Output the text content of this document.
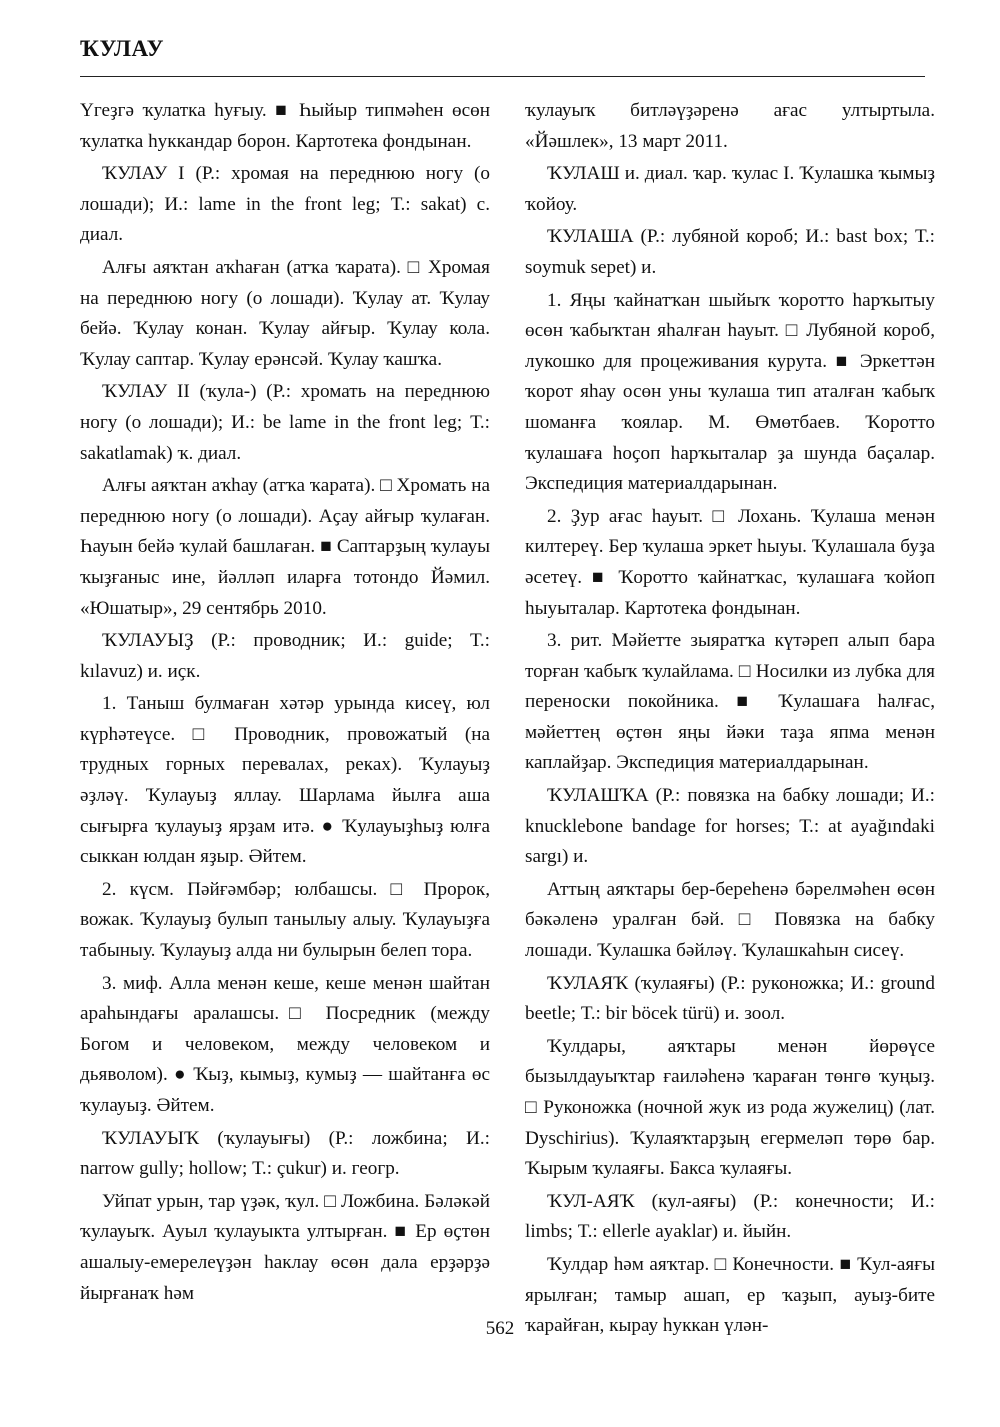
ҠУЛАУ

Үгеҙгә ҡулатка һуғыу. ■ Һыйыр типмәһен өсөн ҡулатка һуккандар борон. Картотека фондынан.

ҠУЛАУ I (Р.: хромая на переднюю ногу (о лошади); И.: lame in the front leg; Т.: sakat) с. диал.

Алғы аяҡтан аҡһаған (атҡа ҡарата). □ Хромая на переднюю ногу (о лошади). Ҡулау ат. Ҡулау бейә. Ҡулау конан. Ҡулау айғыр. Ҡулау кола. Ҡулау саптар. Ҡулау ерәнсәй. Ҡулау ҡашҡа.

ҠУЛАУ II (ҡула-) (Р.: хромать на переднюю ногу (о лошади); И.: be lame in the front leg; Т.: sakatlamak) ҡ. диал.

Алғы аяҡтан аҡһау (атҡа ҡарата). □ Хромать на переднюю ногу (о лошади). Аҫау айғыр ҡулаған. Һауын бейә ҡулай башлаған. ■ Саптарҙың ҡулауы ҡыҙғаныс ине, йәлләп иларға тотондо Йәмил. «Юшатыр», 29 сентябрь 2010.

ҠУЛАУЫҘ (Р.: проводник; И.: guide; Т.: kılavuz) и. иҫк.

1. Таныш булмаған хәтәр урында кисеү, юл күрһәтеүсе. □ Проводник, провожатый (на трудных горных перевалах, реках). Ҡулауыҙ әҙләү. Ҡулауыҙ яллау. Шарлама йылға аша сығырға ҡулауыҙ ярҙам итә. ● Ҡулауыҙһыҙ юлға сыккан юлдан яҙыр. Әйтем.

2. күсм. Пәйғәмбәр; юлбашсы. □ Пророк, вожак. Ҡулауыҙ булып танылыу алыу. Ҡулауыҙға табыныу. Ҡулауыҙ алда ни булырын белеп тора.

3. миф. Алла менән кеше, кеше менән шайтан араһындағы аралашсы.□ Посредник (между Богом и человеком, между человеком и дьяволом). ● Ҡыҙ, кымыҙ, кумыҙ — шайтанға өс ҡулауыҙ. Әйтем.

ҠУЛАУЫҠ (ҡулауығы) (Р.: ложбина; И.: narrow gully; hollow; Т.: çukur) и. геогр.

Уйпат урын, тар үҙәк, ҡул. □ Ложбина. Бәләкәй ҡулауыҡ. Ауыл ҡулауыкта ултырған. ■ Ер өҫтөн ашалыу-емерелеүҙән һаклау өсөн дала ерҙәрҙә йырғанаҡ һәм

ҡулауыҡ битләүҙәренә ағас ултыртыла. «Йәшлек», 13 март 2011.

ҠУЛАШ и. диал. ҡар. ҡулас I. Ҡулашка ҡымыҙ ҡойоу.

ҠУЛАША (Р.: лубяной короб; И.: bast box; Т.: soymuk sepet) и.

1. Яңы ҡайнатҡан шыйыҡ ҡоротто һарҡытыу өсөн ҡабыҡтан яһалған һауыт. □ Лубяной короб, лукошко для процеживания курута. ■ Эркеттән ҡорот яһау осөн уны ҡулаша тип аталған ҡабыҡ шоманға ҡоялар. М. Өмөтбаев. Ҡоротто ҡулашаға һоҫоп һарҡыталар ҙа шунда баҫалар. Экспедиция материалдарынан.

2. Ҙур ағас һауыт. □ Лохань. Ҡулаша менән килтереү. Бер ҡулаша эркет һыуы. Ҡулашала буҙа әсетеү. ■ Ҡоротто ҡайнатҡас, ҡулашаға ҡойоп һыуыталар. Картотека фондынан.

3. рит. Мәйетте зыяратҡа күтәреп алып бара торған ҡабыҡ ҡулайлама. □ Носилки из лубка для переноски покойника. ■ Ҡулашаға һалғас, мәйеттең өҫтөн яңы йәки таҙа япма менән каплайҙар. Экспедиция материалдарынан.

ҠУЛАШҠА (Р.: повязка на бабку лошади; И.: knucklebone bandage for horses; Т.: at ayağındaki sargı) и.

Аттың аяҡтары бер-береһенә бәрелмәһен өсөн бәкәленә уралған бәй. □ Повязка на бабку лошади. Ҡулашка бәйләү. Ҡулашкаһын сисеү.

ҠУЛАЯҠ (ҡулаяғы) (Р.: руконожка; И.: ground beetle; Т.: bir böcek türü) и. зоол.

Ҡулдары, аяҡтары менән йөрөүсе бызылдауыҡтар ғаиләһенә ҡараған төнгө ҡуңыҙ. □ Руконожка (ночной жук из рода жужелиц) (лат. Dyschirius). Ҡулаяҡтарҙың егермеләп төрө бар. Ҡырым ҡулаяғы. Бакса ҡулаяғы.

ҠУЛ-АЯҠ (кул-аяғы) (Р.: конечности; И.: limbs; Т.: ellerle ayaklar) и. йыйн.

Ҡулдар һәм аяҡтар. □ Конечности. ■ Ҡул-аяғы ярылған; тамыр ашап, ер ҡаҙып, ауыҙ-бите ҡарайған, кырау һуккан үлән-

562
